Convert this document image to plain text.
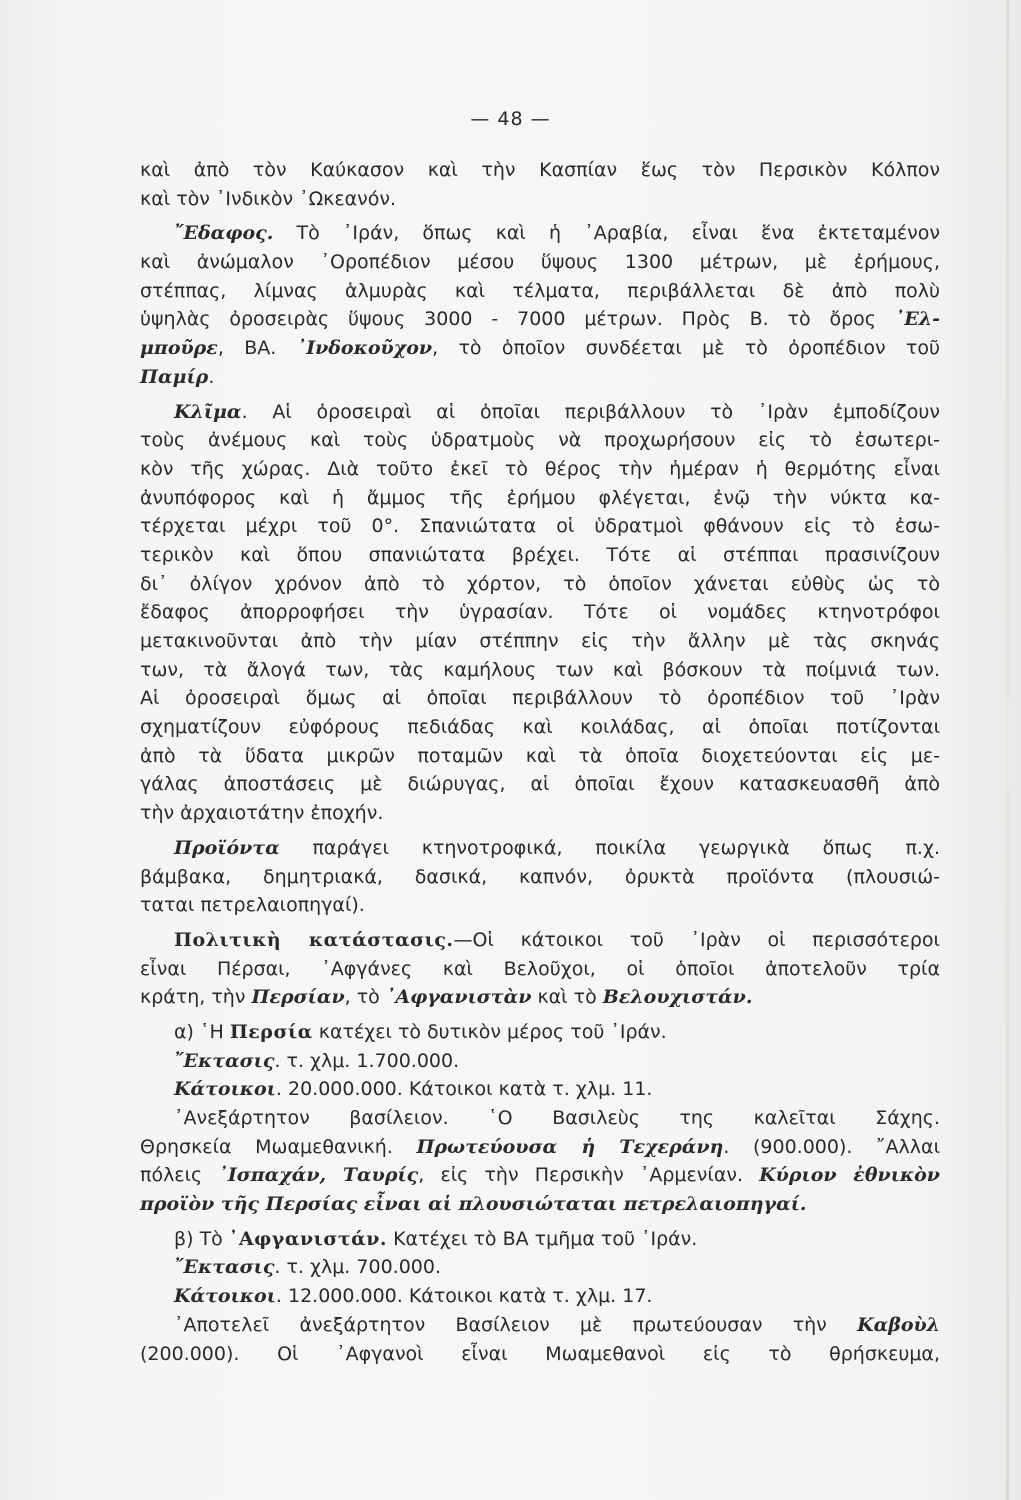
— 48 —
καὶ ἀπὸ τὸν Καύκασον καὶ τὴν Κασπίαν ἕως τὸν Περσικὸν Κόλπον
καὶ τὸν ᾿Ινδικὸν ᾿Ωκεανόν.
῎Εδαφος. Τὸ ᾿Ιράν, ὅπως καὶ ἡ ᾿Αραβία, εἶναι ἕνα ἐκτεταμένον
καὶ ἀνώμαλον ᾿Οροπέδιον μέσου ὕψους 1300 μέτρων, μὲ ἐρήμους,
στέππας, λίμνας ἁλμυρὰς καὶ τέλματα, περιβάλλεται δὲ ἀπὸ πολὺ
ὑψηλὰς ὀροσειρὰς ὕψους 3000 - 7000 μέτρων. Πρὸς Β. τὸ ὄρος ᾿Ελ-
μποῦρε, ΒΑ. ᾿Ινδοκοῦχον, τὸ ὁποῖον συνδέεται μὲ τὸ ὀροπέδιον τοῦ
Παμίρ.
Κλῖμα. Αἱ ὀροσειραὶ αἱ ὁποῖαι περιβάλλουν τὸ ᾿Ιρὰν ἐμποδίζουν
τοὺς ἀνέμους καὶ τοὺς ὑδρατμοὺς νὰ προχωρήσουν εἰς τὸ ἐσωτερι-
κὸν τῆς χώρας. Διὰ τοῦτο ἐκεῖ τὸ θέρος τὴν ἡμέραν ἡ θερμότης εἶναι
ἀνυπόφορος καὶ ἡ ἄμμος τῆς ἐρήμου φλέγεται, ἐνῷ τὴν νύκτα κα-
τέρχεται μέχρι τοῦ 0°. Σπανιώτατα οἱ ὑδρατμοὶ φθάνουν εἰς τὸ ἐσω-
τερικὸν καὶ ὅπου σπανιώτατα βρέχει. Τότε αἱ στέππαι πρασινίζουν
δι᾿ ὀλίγον χρόνον ἀπὸ τὸ χόρτον, τὸ ὁποῖον χάνεται εὐθὺς ὡς τὸ
ἔδαφος ἀπορροφήσει τὴν ὑγρασίαν. Τότε οἱ νομάδες κτηνοτρόφοι
μετακινοῦνται ἀπὸ τὴν μίαν στέππην εἰς τὴν ἄλλην μὲ τὰς σκηνάς
των, τὰ ἄλογά των, τὰς καμήλους των καὶ βόσκουν τὰ ποίμνιά των.
Αἱ ὀροσειραὶ ὅμως αἱ ὁποῖαι περιβάλλουν τὸ ὀροπέδιον τοῦ ᾿Ιρὰν
σχηματίζουν εὐφόρους πεδιάδας καὶ κοιλάδας, αἱ ὁποῖαι ποτίζονται
ἀπὸ τὰ ὕδατα μικρῶν ποταμῶν καὶ τὰ ὁποῖα διοχετεύονται εἰς με-
γάλας ἀποστάσεις μὲ διώρυγας, αἱ ὁποῖαι ἔχουν κατασκευασθῆ ἀπὸ
τὴν ἀρχαιοτάτην ἐποχήν.
Προϊόντα παράγει κτηνοτροφικά, ποικίλα γεωργικὰ ὅπως π.χ.
βάμβακα, δημητριακά, δασικά, καπνόν, ὀρυκτὰ προϊόντα (πλουσιώ-
ταται πετρελαιοπηγαί).
Πολιτικὴ κατάστασις.—Οἱ κάτοικοι τοῦ ᾿Ιρὰν οἱ περισσότεροι
εἶναι Πέρσαι, ᾿Αφγάνες καὶ Βελοῦχοι, οἱ ὁποῖοι ἀποτελοῦν τρία
κράτη, τὴν Περσίαν, τὸ ᾿Αφγανιστὰν καὶ τὸ Βελουχιστάν.
α) ῾Η Περσία κατέχει τὸ δυτικὸν μέρος τοῦ ᾿Ιράν.
῎Εκτασις. τ. χλμ. 1.700.000.
Κάτοικοι. 20.000.000. Κάτοικοι κατὰ τ. χλμ. 11.
᾿Ανεξάρτητον βασίλειον. ῾Ο Βασιλεὺς της καλεῖται Σάχης.
Θρησκεία Μωαμεθανική. Πρωτεύουσα ἡ Τεχεράνη. (900.000). ῎Αλλαι
πόλεις ᾿Ισπαχάν, Ταυρίς, εἰς τὴν Περσικὴν ᾿Αρμενίαν. Κύριον ἐθνικὸν
προϊὸν τῆς Περσίας εἶναι αἱ πλουσιώταται πετρελαιοπηγαί.
β) Τὸ ᾿Αφγανιστάν. Κατέχει τὸ ΒΑ τμῆμα τοῦ ᾿Ιράν.
῎Εκτασις. τ. χλμ. 700.000.
Κάτοικοι. 12.000.000. Κάτοικοι κατὰ τ. χλμ. 17.
᾿Αποτελεῖ ἀνεξάρτητον Βασίλειον μὲ πρωτεύουσαν τὴν Καβοὺλ
(200.000). Οἱ ᾿Αφγανοὶ εἶναι Μωαμεθανοὶ εἰς τὸ θρήσκευμα,
